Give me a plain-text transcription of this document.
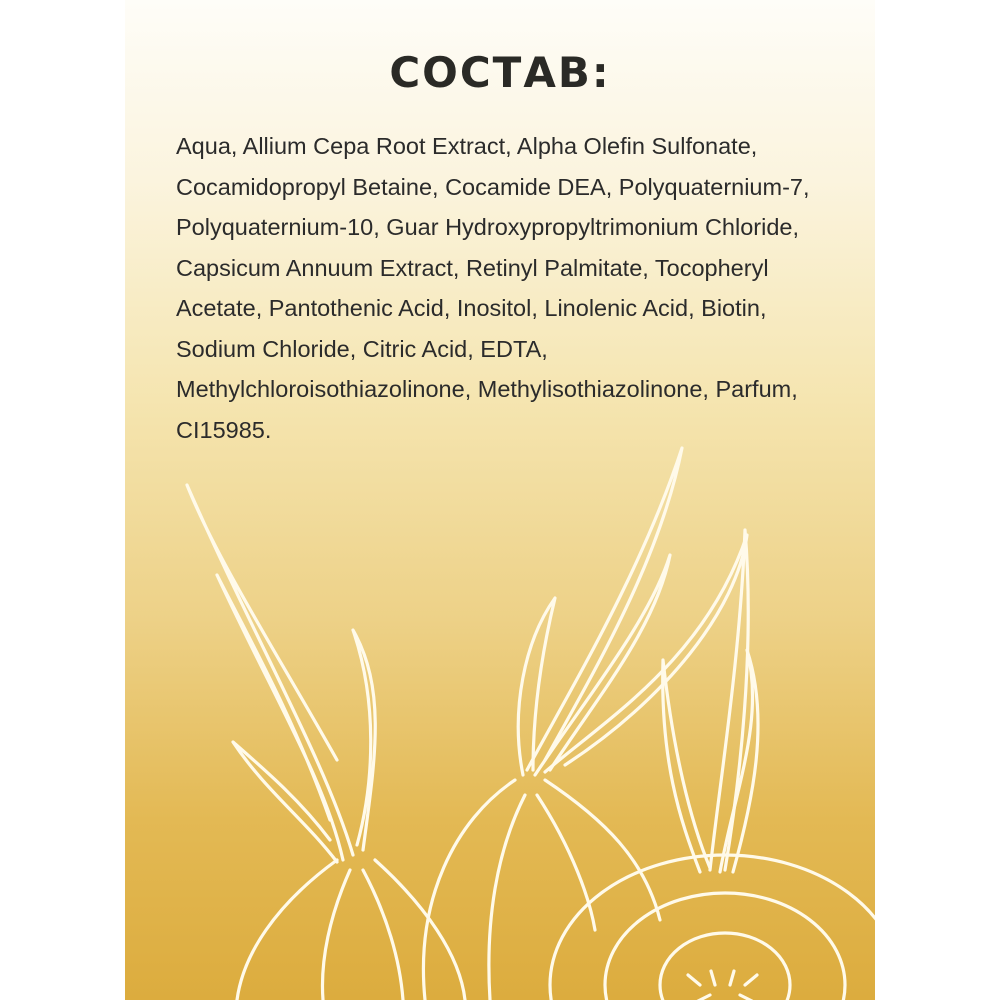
СОСТАВ:

Aqua, Allium Cepa Root Extract, Alpha Olefin Sulfonate,
Cocamidopropyl Betaine, Cocamide DEA, Polyquaternium-7,
Polyquaternium-10, Guar Hydroxypropyltrimonium Chloride,
Capsicum Annuum Extract, Retinyl Palmitate, Tocopheryl
Acetate, Pantothenic Acid, Inositol, Linolenic Acid, Biotin,
Sodium Chloride, Citric Acid, EDTA,
Methylchloroisothiazolinone, Methylisothiazolinone, Parfum,
CI15985.
